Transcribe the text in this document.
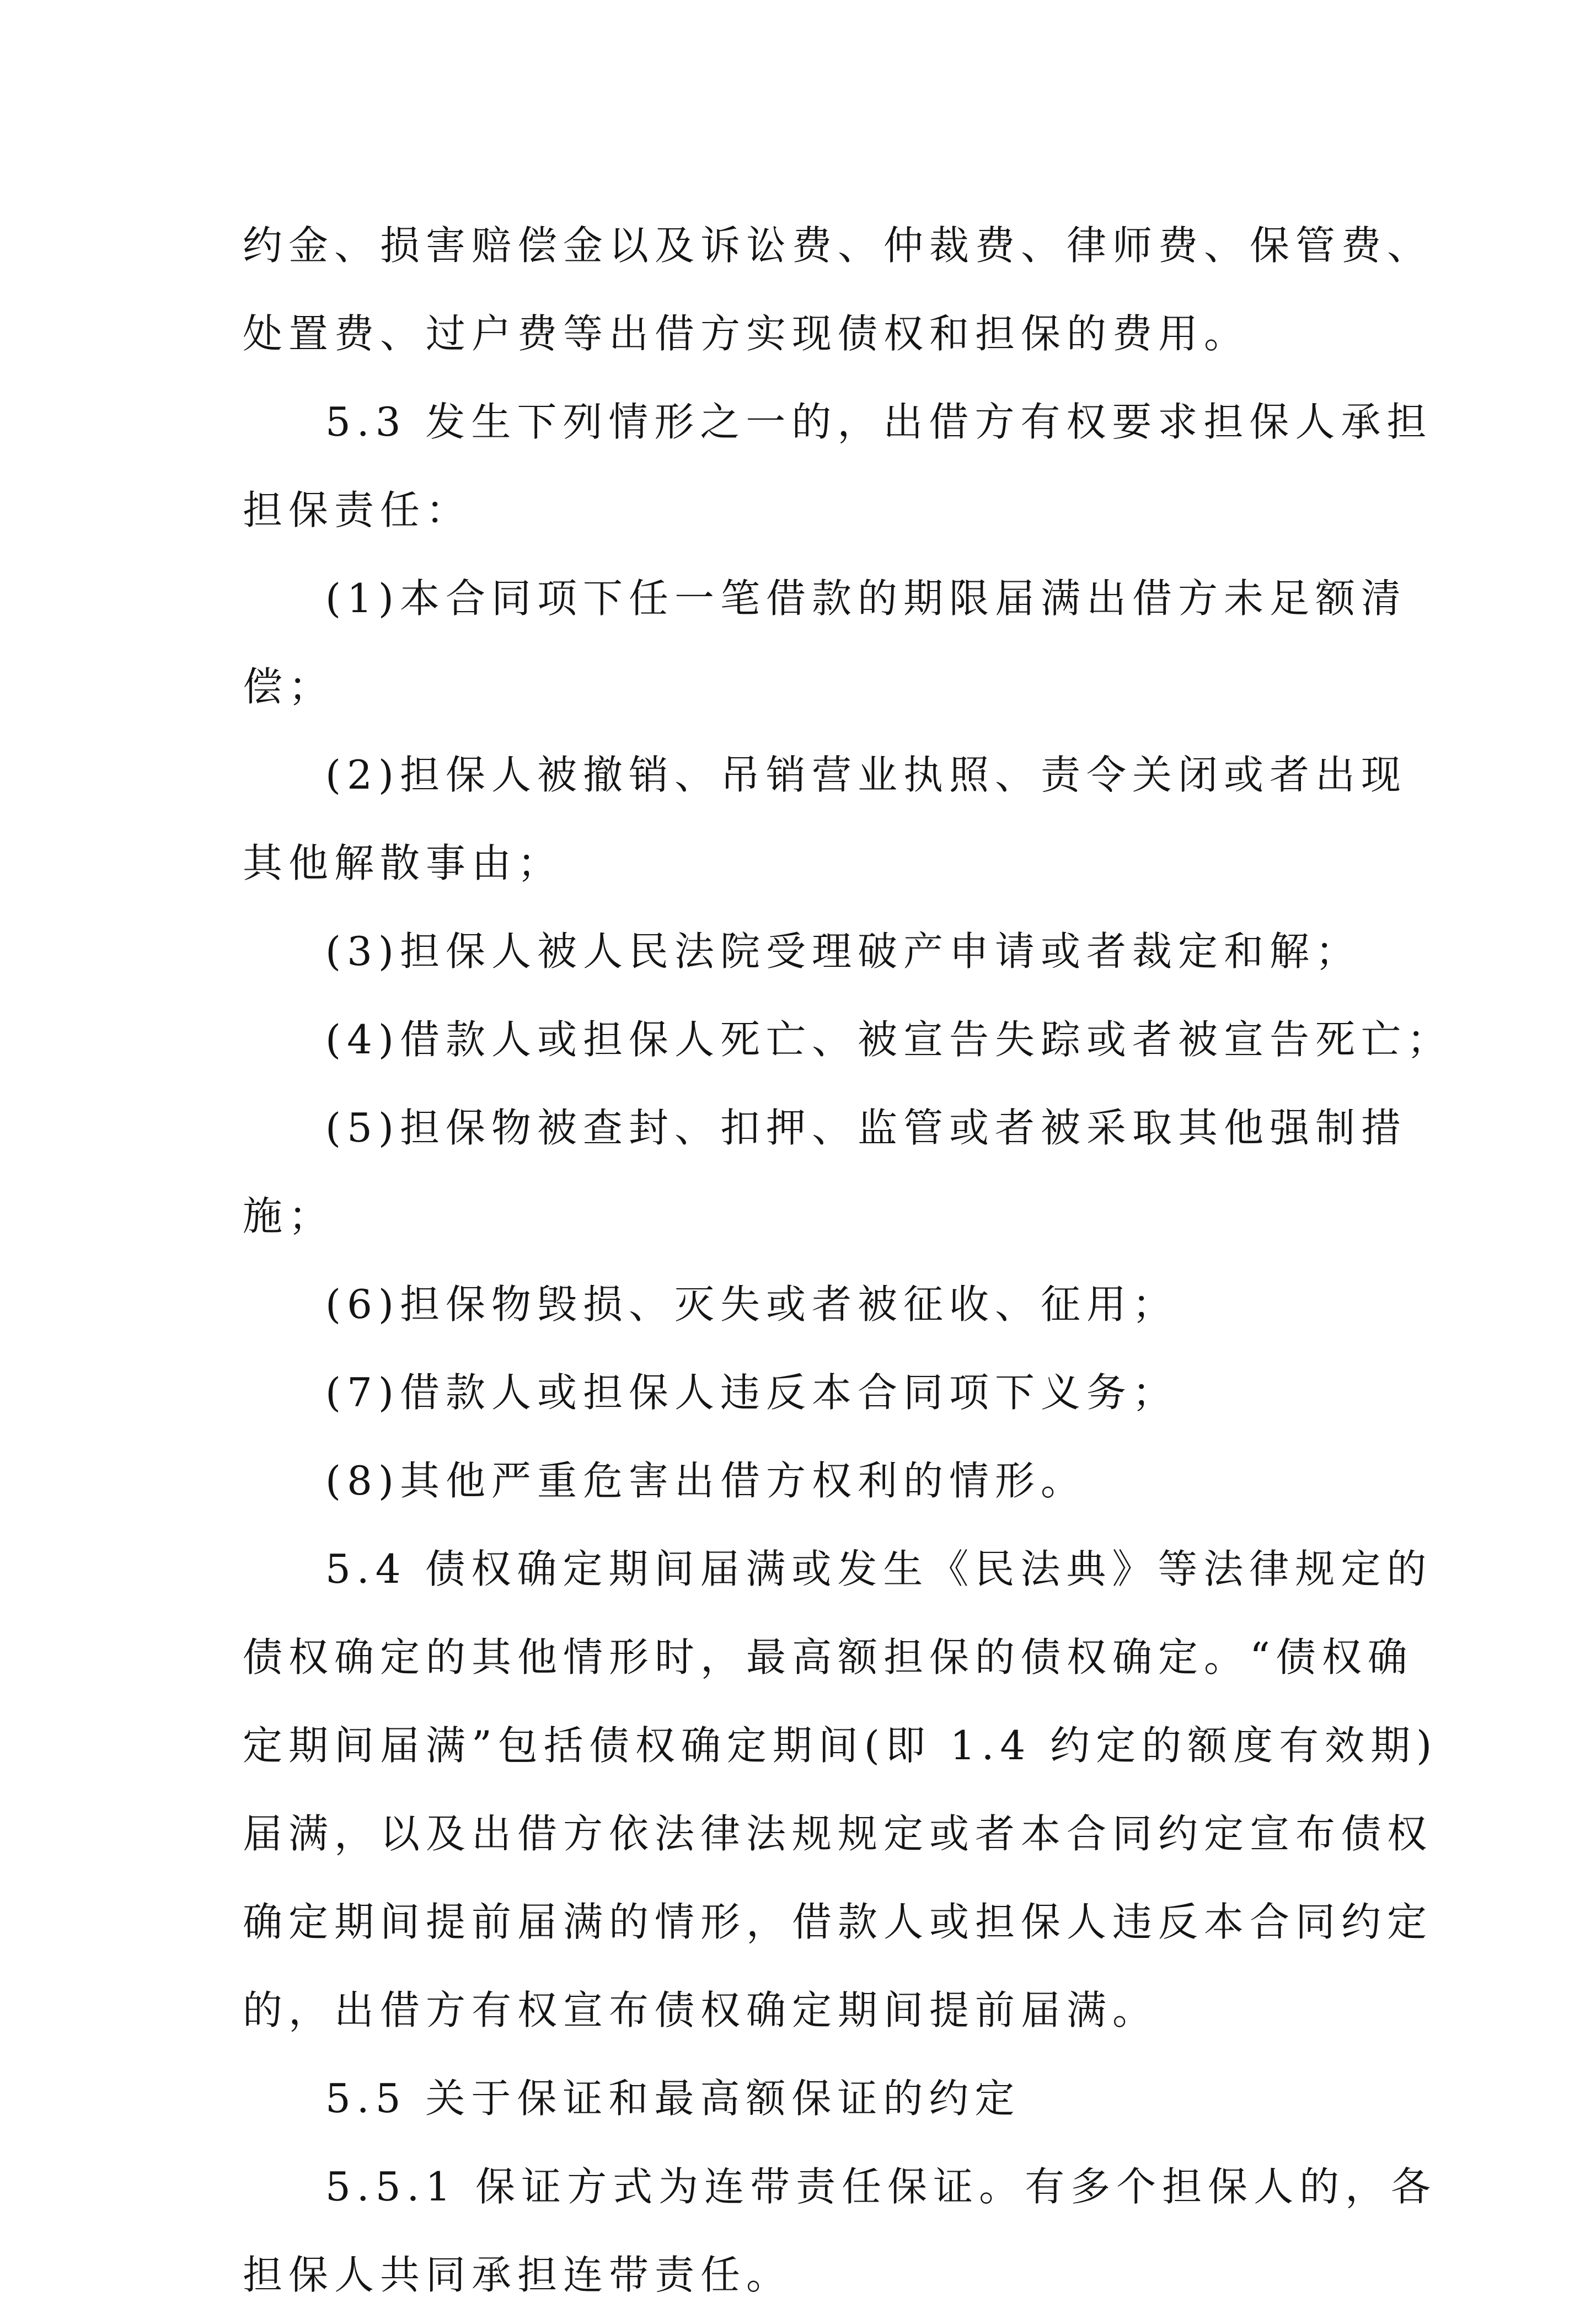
约金、损害赔偿金以及诉讼费、仲裁费、律师费、保管费、
处置费、过户费等出借方实现债权和担保的费用。
5.3 发生下列情形之一的，出借方有权要求担保人承担
担保责任：
(1)本合同项下任一笔借款的期限届满出借方未足额清
偿；
(2)担保人被撤销、吊销营业执照、责令关闭或者出现
其他解散事由；
(3)担保人被人民法院受理破产申请或者裁定和解；
(4)借款人或担保人死亡、被宣告失踪或者被宣告死亡；
(5)担保物被查封、扣押、监管或者被采取其他强制措
施；
(6)担保物毁损、灭失或者被征收、征用；
(7)借款人或担保人违反本合同项下义务；
(8)其他严重危害出借方权利的情形。
5.4 债权确定期间届满或发生《民法典》等法律规定的
债权确定的其他情形时，最高额担保的债权确定。“债权确
定期间届满”包括债权确定期间(即 1.4 约定的额度有效期)
届满，以及出借方依法律法规规定或者本合同约定宣布债权
确定期间提前届满的情形，借款人或担保人违反本合同约定
的，出借方有权宣布债权确定期间提前届满。
5.5 关于保证和最高额保证的约定
5.5.1 保证方式为连带责任保证。有多个担保人的，各
担保人共同承担连带责任。
